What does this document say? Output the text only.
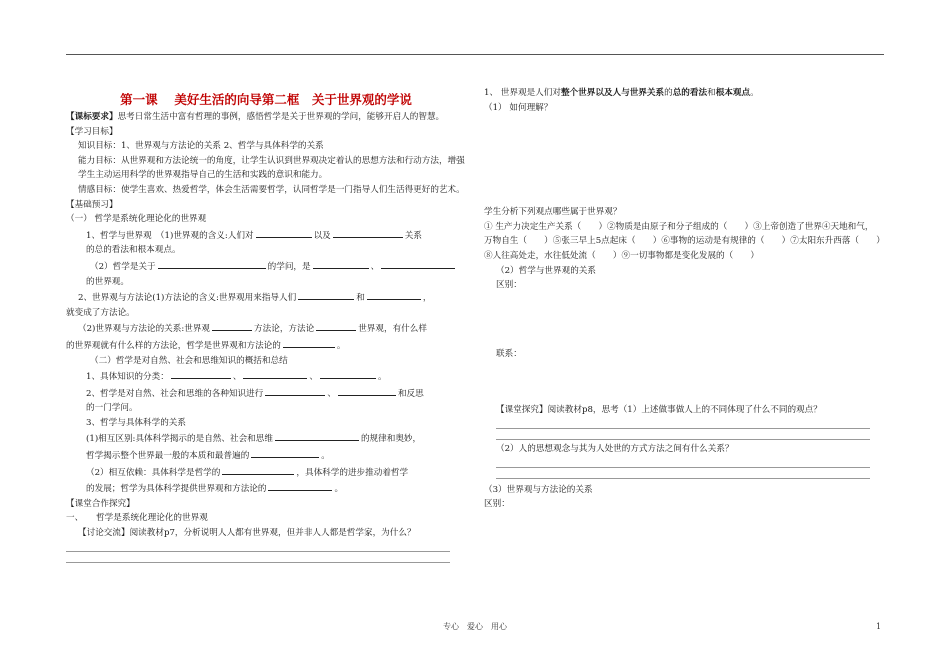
第一课　 美好生活的向导第二框　关于世界观的学说
【课标要求】思考日常生活中富有哲理的事例，感悟哲学是关于世界观的学问，能够开启人的智慧。
【学习目标】
知识目标：1、世界观与方法论的关系 2、哲学与具体科学的关系
能力目标：从世界观和方法论统一的角度，让学生认识到世界观决定着认的思想方法和行动方法，增强学生主动运用科学的世界观指导自己的生活和实践的意识和能力。
情感目标：使学生喜欢、热爱哲学，体会生活需要哲学，认同哲学是一门指导人们生活得更好的艺术。
【基础预习】
（一） 哲学是系统化理论化的世界观
1、哲学与世界观　（1)世界观的含义:人们对	以及	关系
的总的看法和根本观点。
（2）哲学是关于	的学问，是	、
的世界观。
2、世界观与方法论(1)方法论的含义:世界观用来指导人们	和	，
就变成了方法论。
（2)世界观与方法论的关系:世界观	方法论，方法论	世界观，有什么样
的世界观就有什么样的方法论，哲学是世界观和方法论的	。
（二）哲学是对自然、社会和思维知识的概括和总结
1、具体知识的分类：	、	、	。
2、哲学是对自然、社会和思维的各种知识进行	、	和反思
的一门学问。
3、哲学与具体科学的关系
(1)相互区别:具体科学揭示的是自然、社会和思维	的规律和奥妙，
哲学揭示整个世界最一般的本质和最普遍的	。
（2）相互依赖：具体科学是哲学的	，具体科学的进步推动着哲学
的发展；哲学为具体科学提供世界观和方法论的	。
【课堂合作探究】
一、　　哲学是系统化理论化的世界观
【讨论交流】阅读教材p7，分析说明人人都有世界观，但并非人人都是哲学家，为什么？
1、 世界观是人们对整个世界以及人与世界关系的总的看法和根本观点。
（1） 如何理解？
学生分析下列观点哪些属于世界观？
① 生产力决定生产关系（　　）②物质是由原子和分子组成的（　　）③上帝创造了世界④天地和气，万物自生（　　）⑤张三早上5点起床（　　）⑥事物的运动是有规律的（　　）⑦太阳东升西落（　　）⑧人往高处走，水往低处流（　　）⑨一切事物都是变化发展的（　　）
（2）哲学与世界观的关系
区别：
联系：
【课堂探究】阅读教材p8，思考（1）上述做事做人上的不同体现了什么不同的观点？
（2）人的思想观念与其为人处世的方式方法之间有什么关系？
（3）世界观与方法论的关系
区别：
专心　爱心　用心	1
